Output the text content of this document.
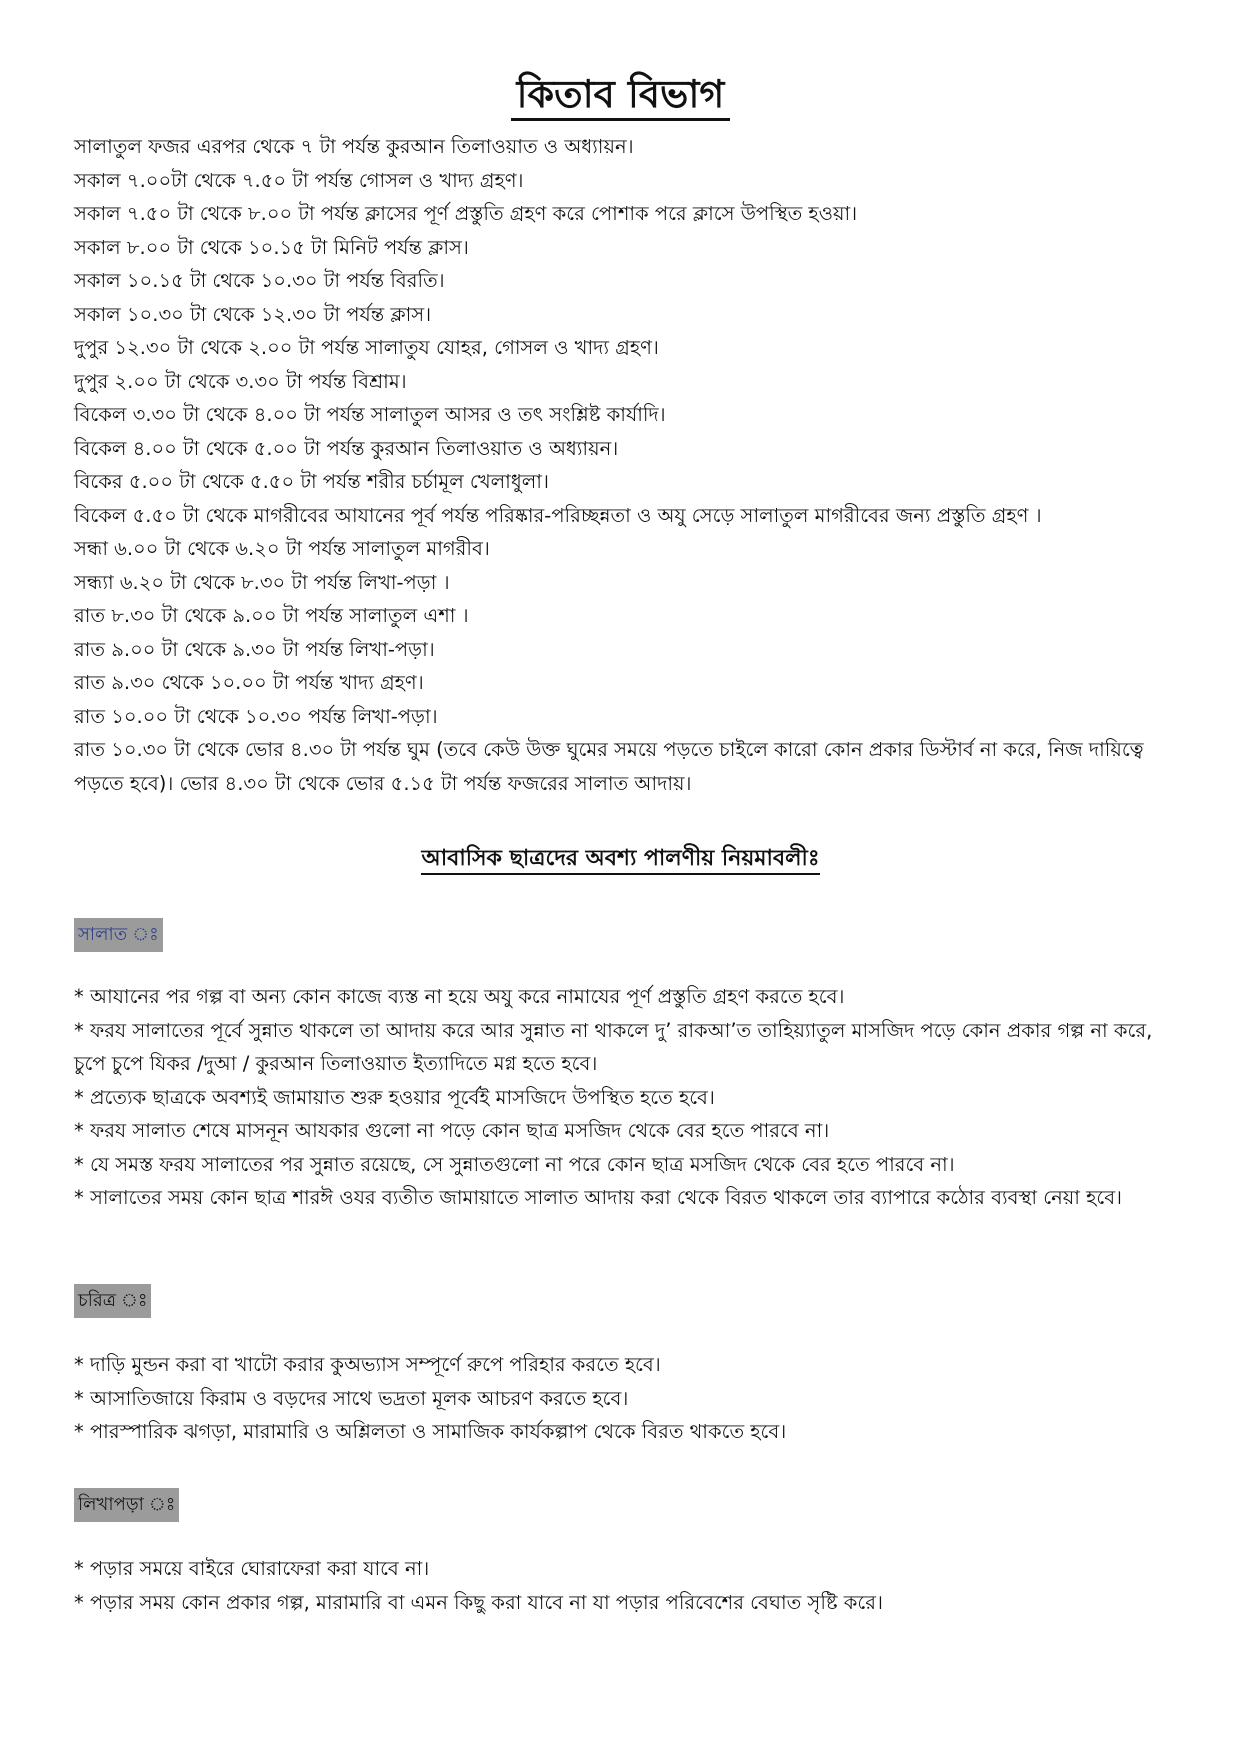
কিতাব বিভাগ
সালাতুল ফজর এরপর থেকে ৭ টা পর্যন্ত কুরআন তিলাওয়াত ও অধ্যায়ন।
সকাল ৭.০০টা থেকে ৭.৫০ টা পর্যন্ত গোসল ও খাদ্য গ্রহণ।
সকাল ৭.৫০ টা থেকে ৮.০০ টা পর্যন্ত ক্লাসের পূর্ণ প্রস্তুতি গ্রহণ করে পোশাক পরে ক্লাসে উপস্থিত হওয়া।
সকাল ৮.০০ টা থেকে ১০.১৫ টা মিনিট পর্যন্ত ক্লাস।
সকাল ১০.১৫ টা থেকে ১০.৩০ টা পর্যন্ত বিরতি।
সকাল ১০.৩০ টা থেকে ১২.৩০ টা পর্যন্ত ক্লাস।
দুপুর ১২.৩০ টা থেকে ২.০০ টা পর্যন্ত সালাতুয যোহর, গোসল ও খাদ্য গ্রহণ।
দুপুর ২.০০ টা থেকে ৩.৩০ টা পর্যন্ত বিশ্রাম।
বিকেল ৩.৩০ টা থেকে ৪.০০ টা পর্যন্ত সালাতুল আসর ও তৎ সংশ্লিষ্ট কার্যাদি।
বিকেল ৪.০০ টা থেকে ৫.০০ টা পর্যন্ত কুরআন তিলাওয়াত ও অধ্যায়ন।
বিকের ৫.০০ টা থেকে ৫.৫০ টা পর্যন্ত শরীর চর্চামূল খেলাধুলা।
বিকেল ৫.৫০ টা থেকে মাগরীবের আযানের পূর্ব পর্যন্ত পরিষ্কার-পরিচ্ছন্নতা ও অযু সেড়ে সালাতুল মাগরীবের জন্য প্রস্তুতি গ্রহণ ।
সন্ধা ৬.০০ টা থেকে ৬.২০ টা পর্যন্ত সালাতুল মাগরীব।
সন্ধ্যা ৬.২০ টা থেকে ৮.৩০ টা পর্যন্ত লিখা-পড়া ।
রাত ৮.৩০ টা থেকে ৯.০০ টা পর্যন্ত সালাতুল এশা ।
রাত ৯.০০ টা থেকে ৯.৩০ টা পর্যন্ত লিখা-পড়া।
রাত ৯.৩০ থেকে ১০.০০ টা পর্যন্ত খাদ্য গ্রহণ।
রাত ১০.০০ টা থেকে ১০.৩০ পর্যন্ত লিখা-পড়া।
রাত ১০.৩০ টা থেকে ভোর ৪.৩০ টা পর্যন্ত ঘুম (তবে কেউ উক্ত ঘুমের সময়ে পড়তে চাইলে কারো কোন প্রকার ডিস্টার্ব না করে, নিজ দায়িত্বে পড়তে হবে)। ভোর ৪.৩০ টা থেকে ভোর ৫.১৫ টা পর্যন্ত ফজরের সালাত আদায়।
আবাসিক ছাত্রদের অবশ্য পালণীয় নিয়মাবলীঃ
সালাত ঃ
* আযানের পর গল্প বা অন্য কোন কাজে ব্যস্ত না হয়ে অযু করে নামাযের পূর্ণ প্রস্তুতি গ্রহণ করতে হবে।
* ফরয সালাতের পূর্বে সুন্নাত থাকলে তা আদায় করে আর সুন্নাত না থাকলে দু’ রাকআ’ত তাহিয়্যাতুল মাসজিদ পড়ে কোন প্রকার গল্প না করে, চুপে চুপে যিকর /দুআ / কুরআন তিলাওয়াত ইত্যাদিতে মগ্ন হতে হবে।
* প্রত্যেক ছাত্রকে অবশ্যই জামায়াত শুরু হওয়ার পূর্বেই মাসজিদে উপস্থিত হতে হবে।
* ফরয সালাত শেষে মাসনূন আযকার গুলো না পড়ে কোন ছাত্র মসজিদ থেকে বের হতে পারবে না।
* যে সমস্ত ফরয সালাতের পর সুন্নাত রয়েছে, সে সুন্নাতগুলো না পরে কোন ছাত্র মসজিদ থেকে বের হতে পারবে না।
* সালাতের সময় কোন ছাত্র শারঈ ওযর ব্যতীত জামায়াতে সালাত আদায় করা থেকে বিরত থাকলে তার ব্যাপারে কঠোর ব্যবস্থা নেয়া হবে।
চরিত্র ঃ
* দাড়ি মুন্ডন করা বা খাটো করার কুঅভ্যাস সম্পূর্ণে রুপে পরিহার করতে হবে।
* আসাতিজায়ে কিরাম ও বড়দের সাথে ভদ্রতা মূলক আচরণ করতে হবে।
* পারস্পারিক ঝগড়া, মারামারি ও অশ্লিলতা ও সামাজিক কার্যকল্পাপ থেকে বিরত থাকতে হবে।
লিখাপড়া ঃ
* পড়ার সময়ে বাইরে ঘোরাফেরা করা যাবে না।
* পড়ার সময় কোন প্রকার গল্প, মারামারি বা এমন কিছু করা যাবে না যা পড়ার পরিবেশের বেঘাত সৃষ্টি করে।
